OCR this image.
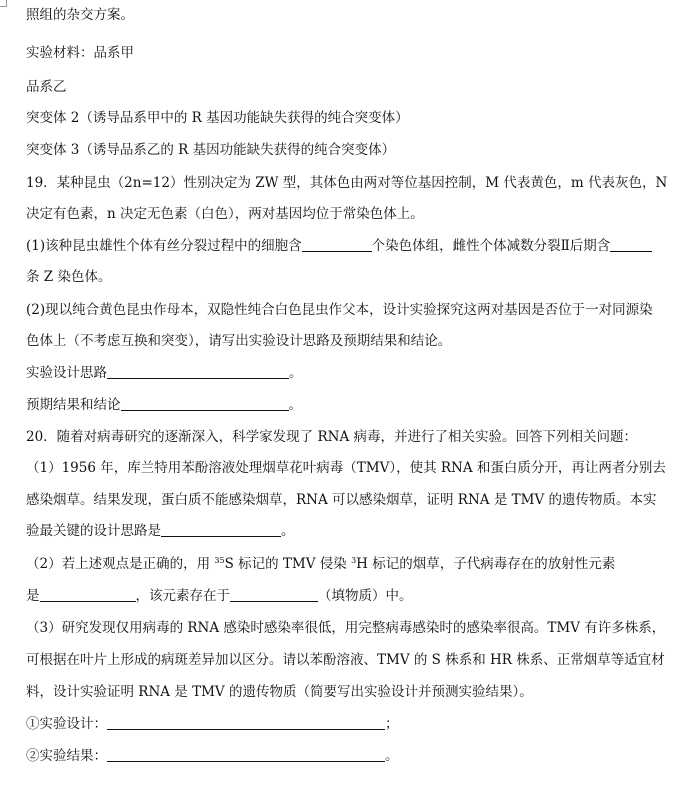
照组的杂交方案。
实验材料：品系甲
品系乙
突变体 2（诱导品系甲中的 R 基因功能缺失获得的纯合突变体）
突变体 3（诱导品系乙的 R 基因功能缺失获得的纯合突变体）
19．某种昆虫（2n=12）性别决定为 ZW 型，其体色由两对等位基因控制，M 代表黄色，m 代表灰色，N
决定有色素，n 决定无色素（白色），两对基因均位于常染色体上。
(1)该种昆虫雄性个体有丝分裂过程中的细胞含	个染色体组，雌性个体减数分裂Ⅱ后期含
条 Z 染色体。
(2)现以纯合黄色昆虫作母本，双隐性纯合白色昆虫作父本，设计实验探究这两对基因是否位于一对同源染
色体上（不考虑互换和突变），请写出实验设计思路及预期结果和结论。
实验设计思路	。
预期结果和结论	。
20．随着对病毒研究的逐渐深入，科学家发现了 RNA 病毒，并进行了相关实验。回答下列相关问题：
（1）1956 年，库兰特用苯酚溶液处理烟草花叶病毒（TMV），使其 RNA 和蛋白质分开，再让两者分别去
感染烟草。结果发现，蛋白质不能感染烟草，RNA 可以感染烟草，证明 RNA 是 TMV 的遗传物质。本实
验最关键的设计思路是	。
（2）若上述观点是正确的，用 $^{35}$S 标记的 TMV 侵染 $^3$H 标记的烟草，子代病毒存在的放射性元素
是	，该元素存在于	（填物质）中。
（3）研究发现仅用病毒的 RNA 感染时感染率很低，用完整病毒感染时的感染率很高。TMV 有许多株系，
可根据在叶片上形成的病斑差异加以区分。请以苯酚溶液、TMV 的 S 株系和 HR 株系、正常烟草等适宜材
料，设计实验证明 RNA 是 TMV 的遗传物质（简要写出实验设计并预测实验结果）。
①实验设计：	；
②实验结果：	。
